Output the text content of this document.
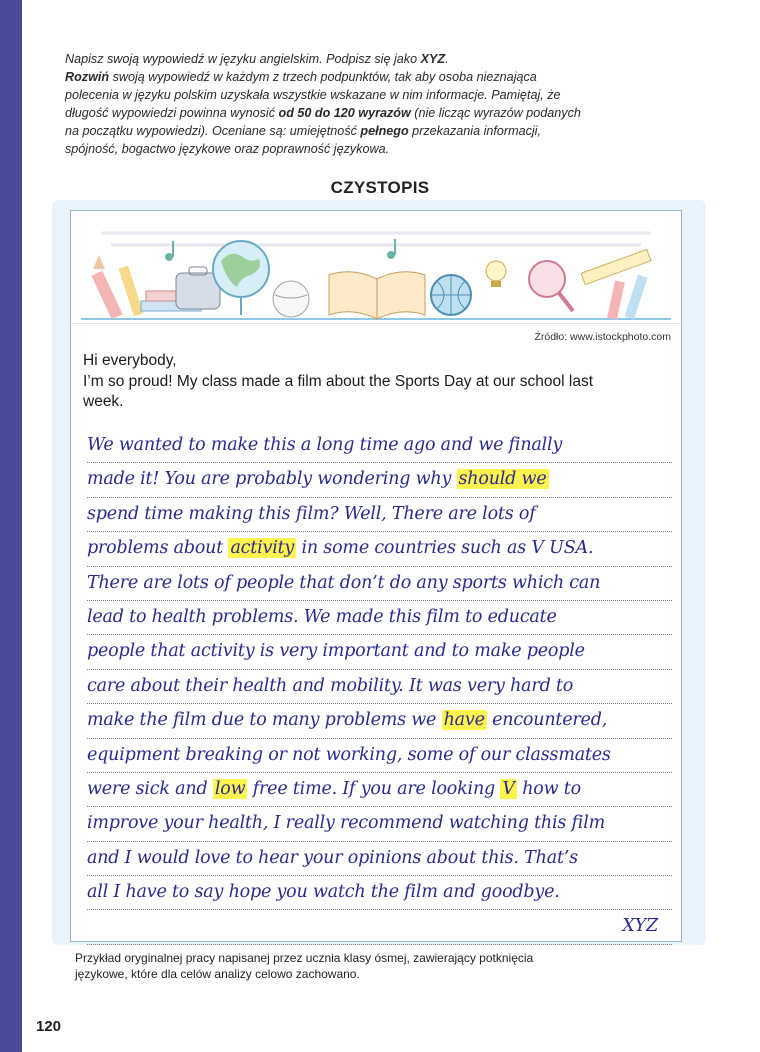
Napisz swoją wypowiedź w języku angielskim. Podpisz się jako XYZ.

Rozwiń swoją wypowiedź w każdym z trzech podpunktów, tak aby osoba nieznająca

polecenia w języku polskim uzyskała wszystkie wskazane w nim informacje. Pamiętaj, że

długość wypowiedzi powinna wynosić od 50 do 120 wyrazów (nie licząc wyrazów podanych

na początku wypowiedzi). Oceniane są: umiejętność pełnego przekazania informacji,

spójność, bogactwo językowe oraz poprawność językowa.

CZYSTOPIS
Źródło: www.istockphoto.com
Hi everybody,
I’m so proud! My class made a film about the Sports Day at our school last
week.
We wanted to make this a long time ago and we finally
made it! You are probably wondering why should we
spend time making this film? Well, There are lots of
problems about activity in some countries such as V USA.
There are lots of people that don’t do any sports which can
lead to health problems. We made this film to educate
people that activity is very important and to make people
care about their health and mobility. It was very hard to
make the film due to many problems we have encountered,
equipment breaking or not working, some of our classmates
were sick and low free time. If you are looking V how to
improve your health, I really recommend watching this film
and I would love to hear your opinions about this. That’s
all I have to say hope you watch the film and goodbye.
XYZ
Przykład oryginalnej pracy napisanej przez ucznia klasy ósmej, zawierający potknięcia
językowe, które dla celów analizy celowo zachowano.
120
